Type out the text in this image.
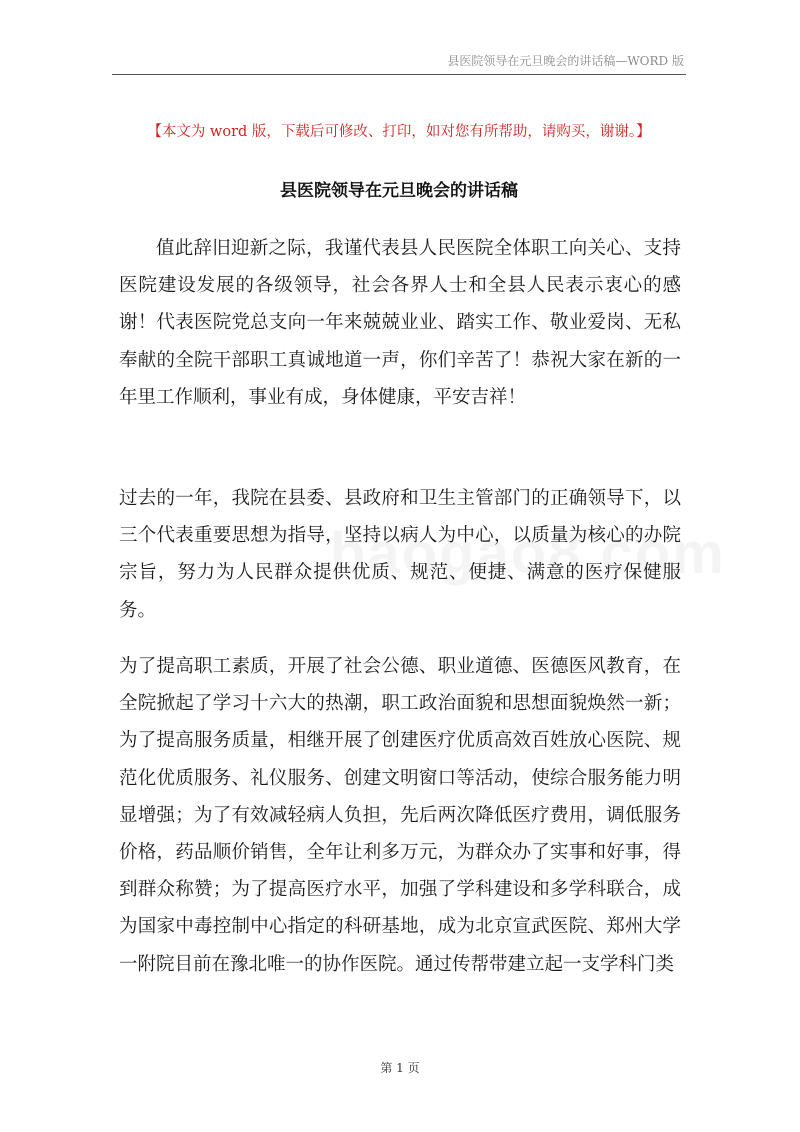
县医院领导在元旦晚会的讲话稿—WORD 版
【本文为 word 版，下载后可修改、打印，如对您有所帮助，请购买，谢谢。】
县医院领导在元旦晚会的讲话稿

值此辞旧迎新之际，我谨代表县人民医院全体职工向关心、支持医院建设发展的各级领导，社会各界人士和全县人民表示衷心的感谢！代表医院党总支向一年来兢兢业业、踏实工作、敬业爱岗、无私奉献的全院干部职工真诚地道一声，你们辛苦了！恭祝大家在新的一年里工作顺利，事业有成，身体健康，平安吉祥！

过去的一年，我院在县委、县政府和卫生主管部门的正确领导下，以三个代表重要思想为指导，坚持以病人为中心，以质量为核心的办院宗旨，努力为人民群众提供优质、规范、便捷、满意的医疗保健服务。

为了提高职工素质，开展了社会公德、职业道德、医德医风教育，在全院掀起了学习十六大的热潮，职工政治面貌和思想面貌焕然一新；为了提高服务质量，相继开展了创建医疗优质高效百姓放心医院、规范化优质服务、礼仪服务、创建文明窗口等活动，使综合服务能力明显增强；为了有效减轻病人负担，先后两次降低医疗费用，调低服务价格，药品顺价销售，全年让利多万元，为群众办了实事和好事，得到群众称赞；为了提高医疗水平，加强了学科建设和多学科联合，成为国家中毒控制中心指定的科研基地，成为北京宣武医院、郑州大学一附院目前在豫北唯一的协作医院。通过传帮带建立起一支学科门类

第 1 页
